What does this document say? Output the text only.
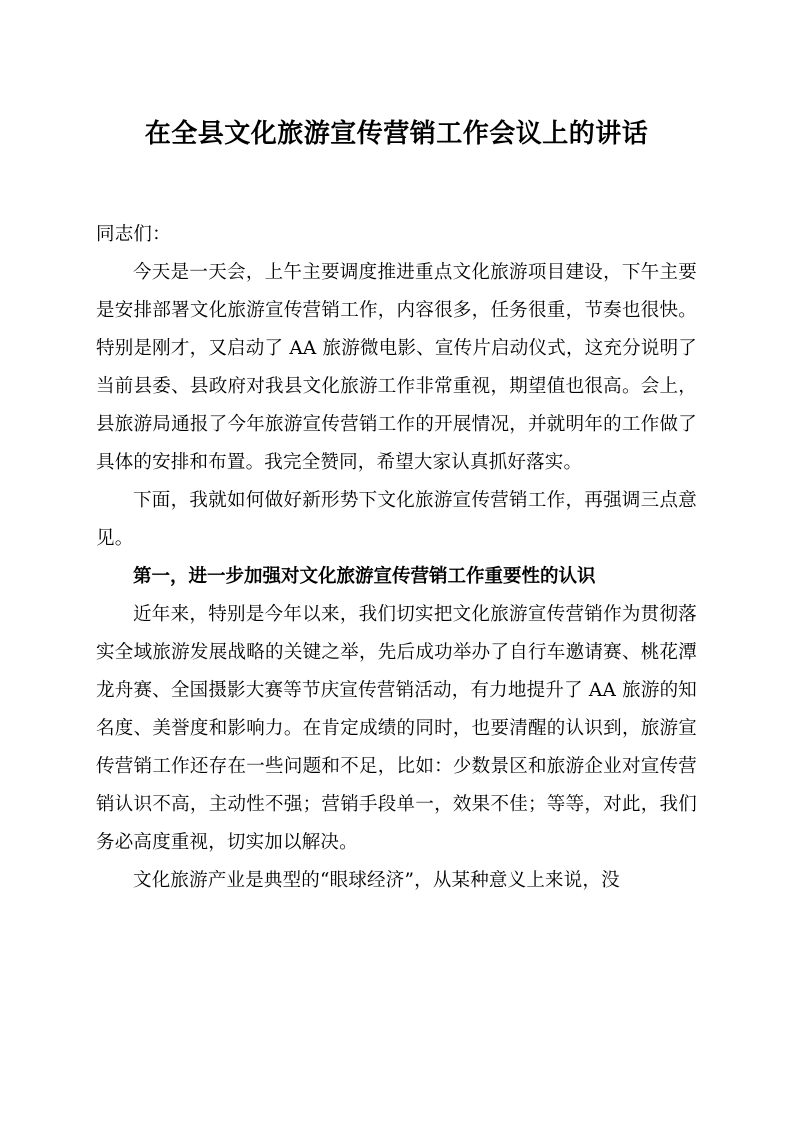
在全县文化旅游宣传营销工作会议上的讲话

同志们：

今天是一天会，上午主要调度推进重点文化旅游项目建设，下午主要是安排部署文化旅游宣传营销工作，内容很多，任务很重，节奏也很快。特别是刚才，又启动了 AA 旅游微电影、宣传片启动仪式，这充分说明了当前县委、县政府对我县文化旅游工作非常重视，期望值也很高。会上，县旅游局通报了今年旅游宣传营销工作的开展情况，并就明年的工作做了具体的安排和布置。我完全赞同，希望大家认真抓好落实。

下面，我就如何做好新形势下文化旅游宣传营销工作，再强调三点意见。

第一，进一步加强对文化旅游宣传营销工作重要性的认识

近年来，特别是今年以来，我们切实把文化旅游宣传营销作为贯彻落实全域旅游发展战略的关键之举，先后成功举办了自行车邀请赛、桃花潭龙舟赛、全国摄影大赛等节庆宣传营销活动，有力地提升了 AA 旅游的知名度、美誉度和影响力。在肯定成绩的同时，也要清醒的认识到，旅游宣传营销工作还存在一些问题和不足，比如：少数景区和旅游企业对宣传营销认识不高，主动性不强；营销手段单一，效果不佳；等等，对此，我们务必高度重视，切实加以解决。

文化旅游产业是典型的“眼球经济”，从某种意义上来说，没
